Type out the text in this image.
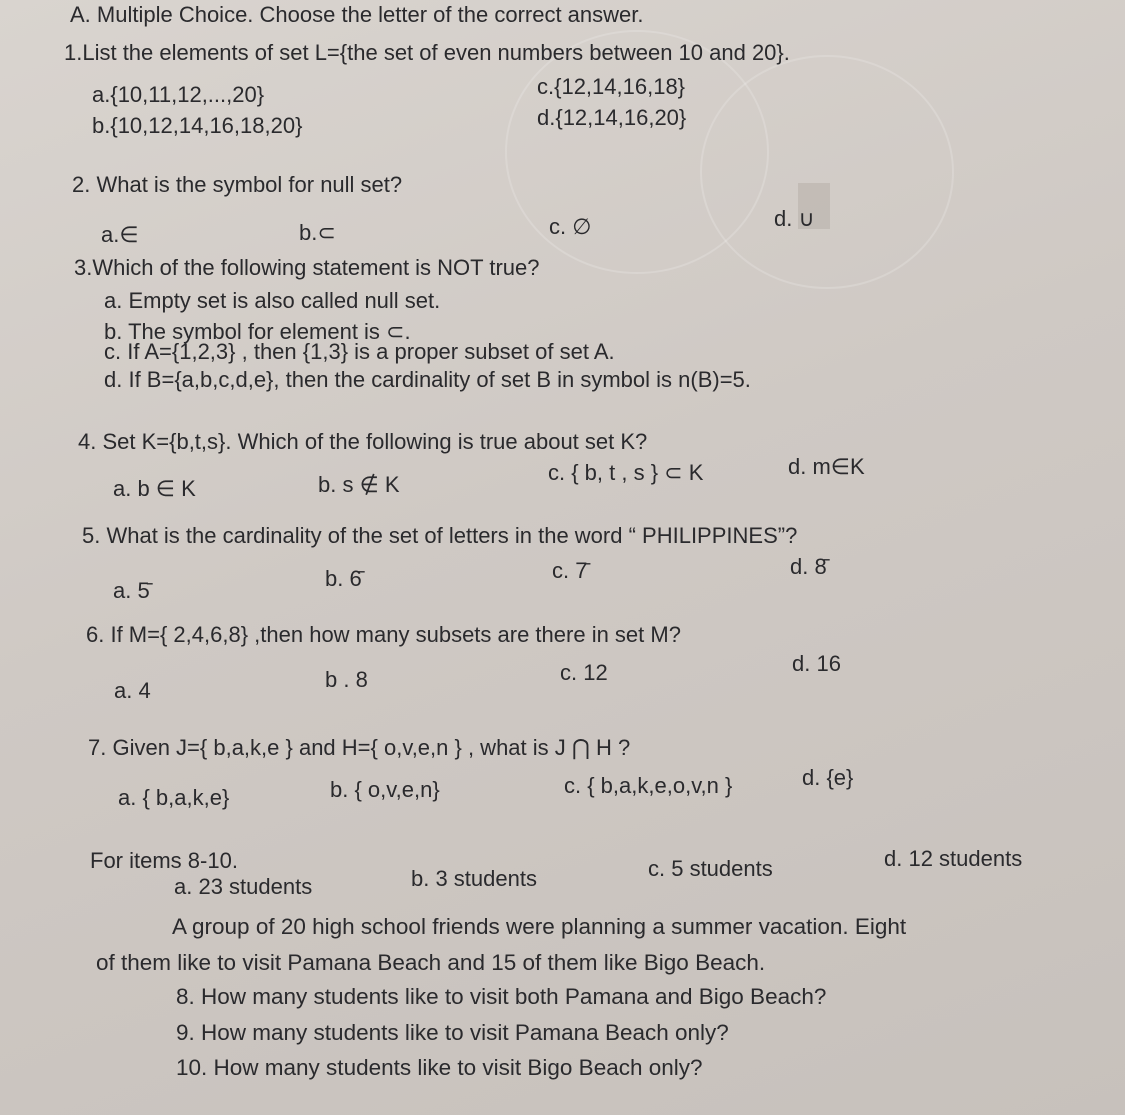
A. Multiple Choice. Choose the letter of the correct answer.
1.List the elements of set L={the set of even numbers between 10 and 20}.
a.{10,11,12,...,20}	c.{12,14,16,18}
b.{10,12,14,16,18,20}	d.{12,14,16,20}
2. What is the symbol for null set?
a.∈	b.⊂	c. ∅	d. ∪
3.Which of the following statement is NOT true?
a. Empty set is also called null set.
b. The symbol for element is ⊂.
c. If A={1,2,3} , then {1,3} is a proper subset of set A.
d. If B={a,b,c,d,e}, then the cardinality of set B in symbol is n(B)=5.
4. Set K={b,t,s}. Which of the following is true about set K?
a. b ∈ K	b. s ∉ K	c. { b, t , s } ⊂ K	d. m∈K
5. What is the cardinality of the set of letters in the word “ PHILIPPINES”?
a. 5̄	b. 6̄	c. 7̄	d. 8̄
6. If M={ 2,4,6,8} ,then how many subsets are there in set M?
a. 4	b . 8	c. 12	d. 16
7. Given J={ b,a,k,e } and H={ o,v,e,n } , what is J ⋂ H ?
a. { b,a,k,e}	b. { o,v,e,n}	c. { b,a,k,e,o,v,n }	d. {e}
For items 8-10.
a. 23 students	b. 3 students	c. 5 students	d. 12 students
A group of 20 high school friends were planning a summer vacation. Eight
of them like to visit Pamana Beach and 15 of them like Bigo Beach.
8. How many students like to visit both Pamana and Bigo Beach?
9. How many students like to visit Pamana Beach only?
10. How many students like to visit Bigo Beach only?
